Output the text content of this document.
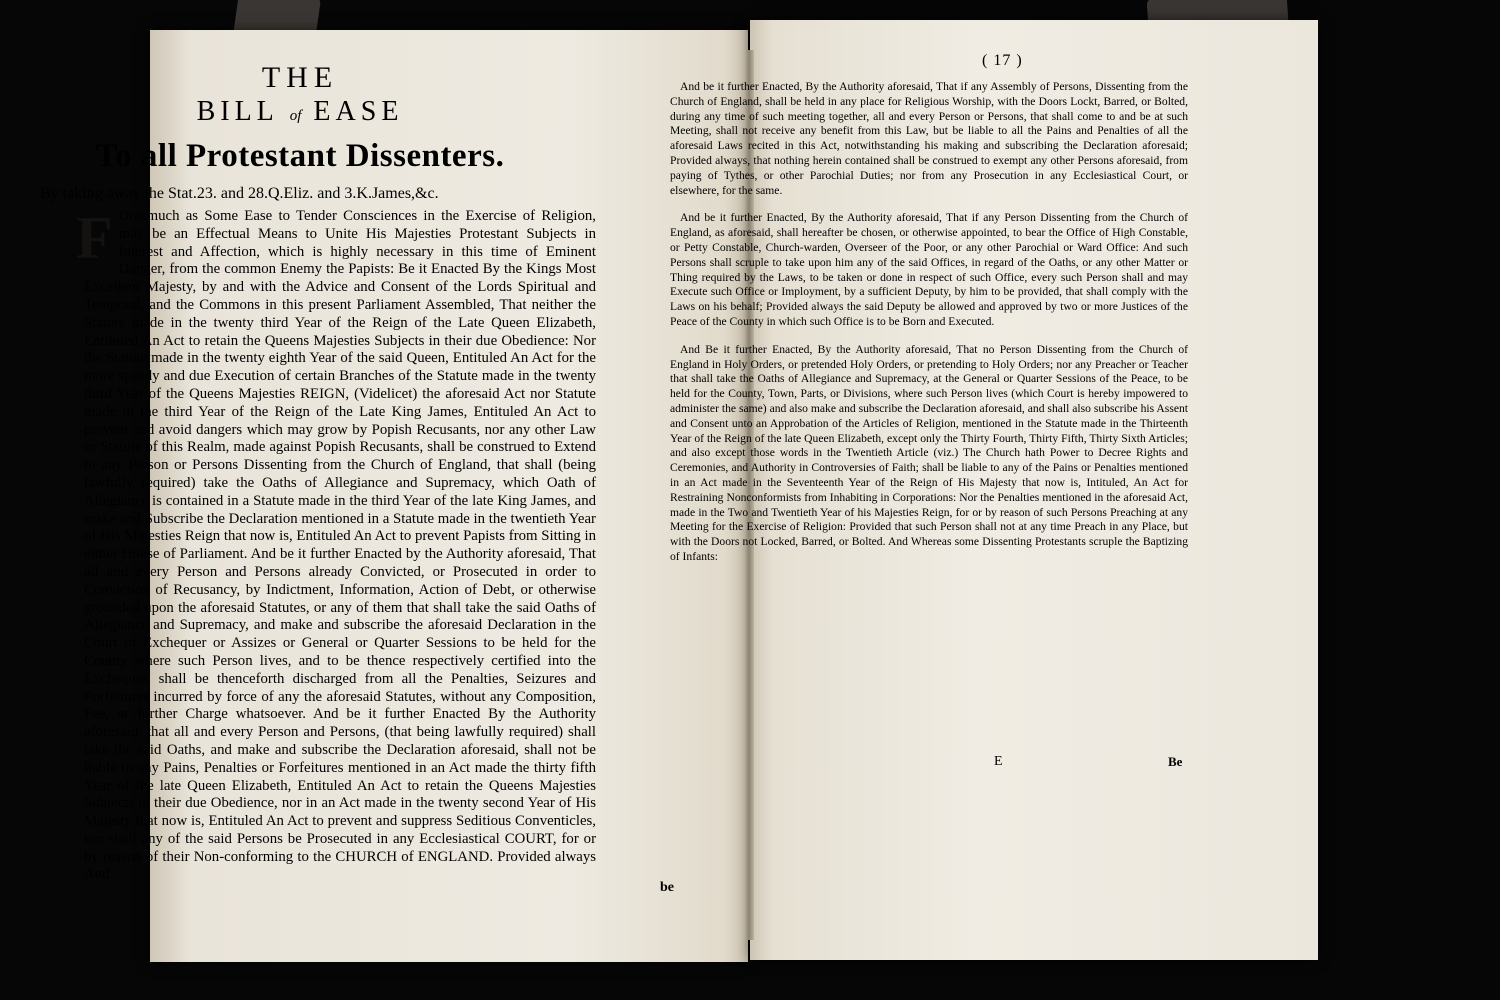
THE
BILL of EASE
To all Protestant Dissenters.
By taking away the Stat.23. and 28.Q.Eliz. and 3.K.James,&c.
F Orasmuch as Some Ease to Tender Consciences in the Exercise of Religion, may be an Effectual Means to Unite His Majesties Protestant Subjects in Interest and Affection, which is highly necessary in this time of Eminent Danger, from the common Enemy the Papists: Be it Enacted By the Kings Most Excellent Majesty, by and with the Advice and Consent of the Lords Spiritual and Temporal, and the Commons in this present Parliament Assembled, That neither the Statute made in the twenty third Year of the Reign of the Late Queen Elizabeth, Entituled An Act to retain the Queens Majesties Subjects in their due Obedience: Nor the Statute made in the twenty eighth Year of the said Queen, Entituled An Act for the more speedy and due Execution of certain Branches of the Statute made in the twenty third Year of the Queens Majesties REIGN, (Videlicet) the aforesaid Act nor Statute made in the third Year of the Reign of the Late King James, Entituled An Act to prevent and avoid dangers which may grow by Popish Recusants, nor any other Law or Statute of this Realm, made against Popish Recusants, shall be construed to Extend to any Person or Persons Dissenting from the Church of England, that shall (being lawfully required) take the Oaths of Allegiance and Supremacy, which Oath of Allegiance is contained in a Statute made in the third Year of the late King James, and make and Subscribe the Declaration mentioned in a Statute made in the twentieth Year of His Majesties Reign that now is, Entituled An Act to prevent Papists from Sitting in either House of Parliament. And be it further Enacted by the Authority aforesaid, That all and every Person and Persons already Convicted, or Prosecuted in order to Conviction of Recusancy, by Indictment, Information, Action of Debt, or otherwise grounded upon the aforesaid Statutes, or any of them that shall take the said Oaths of Allegiance and Supremacy, and make and subscribe the aforesaid Declaration in the Court of Exchequer or Assizes or General or Quarter Sessions to be held for the County where such Person lives, and to be thence respectively certified into the Exchequer, shall be thenceforth discharged from all the Penalties, Seizures and Forfeitures incurred by force of any the aforesaid Statutes, without any Composition, Fee, or further Charge whatsoever. And be it further Enacted By the Authority aforesaid, that all and every Person and Persons, (that being lawfully required) shall take the said Oaths, and make and subscribe the Declaration aforesaid, shall not be liable to any Pains, Penalties or Forfeitures mentioned in an Act made the thirty fifth Year of the late Queen Elizabeth, Entituled An Act to retain the Queens Majesties Subjects in their due Obedience, nor in an Act made in the twenty second Year of His Majesty that now is, Entituled An Act to prevent and suppress Seditious Conventicles, nor shall any of the said Persons be Prosecuted in any Ecclesiastical COURT, for or by reason of their Non-conforming to the CHURCH of ENGLAND. Provided always And

be
( 17 )

And be it further Enacted, By the Authority aforesaid, That if any Assembly of Persons, Dissenting from the Church of England, shall be held in any place for Religious Worship, with the Doors Lockt, Barred, or Bolted, during any time of such meeting together, all and every Person or Persons, that shall come to and be at such Meeting, shall not receive any benefit from this Law, but be liable to all the Pains and Penalties of all the aforesaid Laws recited in this Act, notwithstanding his making and subscribing the Declaration aforesaid; Provided always, that nothing herein contained shall be construed to exempt any other Persons aforesaid, from paying of Tythes, or other Parochial Duties; nor from any Prosecution in any Ecclesiastical Court, or elsewhere, for the same.

And be it further Enacted, By the Authority aforesaid, That if any Person Dissenting from the Church of England, as aforesaid, shall hereafter be chosen, or otherwise appointed, to bear the Office of High Constable, or Petty Constable, Church-warden, Overseer of the Poor, or any other Parochial or Ward Office: And such Persons shall scruple to take upon him any of the said Offices, in regard of the Oaths, or any other Matter or Thing required by the Laws, to be taken or done in respect of such Office, every such Person shall and may Execute such Office or Imployment, by a sufficient Deputy, by him to be provided, that shall comply with the Laws on his behalf; Provided always the said Deputy be allowed and approved by two or more Justices of the Peace of the County in which such Office is to be Born and Executed.

And Be it further Enacted, By the Authority aforesaid, That no Person Dissenting from the Church of England in Holy Orders, or pretended Holy Orders, or pretending to Holy Orders; nor any Preacher or Teacher that shall take the Oaths of Allegiance and Supremacy, at the General or Quarter Sessions of the Peace, to be held for the County, Town, Parts, or Divisions, where such Person lives (which Court is hereby impowered to administer the same) and also make and subscribe the Declaration aforesaid, and shall also subscribe his Assent and Consent unto an Approbation of the Articles of Religion, mentioned in the Statute made in the Thirteenth Year of the Reign of the late Queen Elizabeth, except only the Thirty Fourth, Thirty Fifth, Thirty Sixth Articles; and also except those words in the Twentieth Article (viz.) The Church hath Power to Decree Rights and Ceremonies, and Authority in Controversies of Faith; shall be liable to any of the Pains or Penalties mentioned in an Act made in the Seventeenth Year of the Reign of His Majesty that now is, Intituled, An Act for Restraining Nonconformists from Inhabiting in Corporations: Nor the Penalties mentioned in the aforesaid Act, made in the Two and Twentieth Year of his Majesties Reign, for or by reason of such Persons Preaching at any Meeting for the Exercise of Religion: Provided that such Person shall not at any time Preach in any Place, but with the Doors not Locked, Barred, or Bolted. And Whereas some Dissenting Protestants scruple the Baptizing of Infants:

E	Be
